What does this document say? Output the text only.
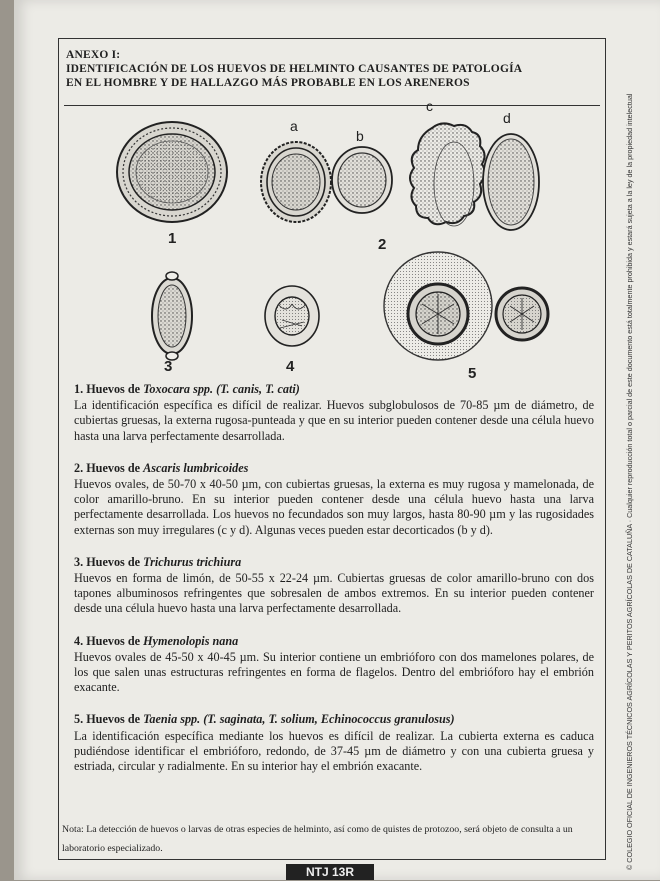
ANEXO I:
IDENTIFICACIÓN DE LOS HUEVOS DE HELMINTO CAUSANTES DE PATOLOGÍA
EN EL HOMBRE Y DE HALLAZGO MÁS PROBABLE EN LOS ARENEROS
a
b
c
d
1	2
3	4	5
1. Huevos de Toxocara spp. (T. canis, T. cati)
La identificación específica es difícil de realizar. Huevos subglobulosos de 70-85 µm de diámetro, de cubiertas gruesas, la externa rugosa-punteada y que en su interior pueden contener desde una célula huevo hasta una larva perfectamente desarrollada.
2. Huevos de Ascaris lumbricoides
Huevos ovales, de 50-70 x 40-50 µm, con cubiertas gruesas, la externa es muy rugosa y mamelonada, de color amarillo-bruno. En su interior pueden contener desde una célula huevo hasta una larva perfectamente desarrollada. Los huevos no fecundados son muy largos, hasta 80-90 µm y las rugosidades externas son muy irregulares (c y d). Algunas veces pueden estar decorticados (b y d).
3. Huevos de Trichurus trichiura
Huevos en forma de limón, de 50-55 x 22-24 µm. Cubiertas gruesas de color amarillo-bruno con dos tapones albuminosos refringentes que sobresalen de ambos extremos. En su interior pueden contener desde una célula huevo hasta una larva perfectamente desarrollada.
4. Huevos de Hymenolopis nana
Huevos ovales de 45-50 x 40-45 µm. Su interior contiene un embrióforo con dos mamelones polares, de los que salen unas estructuras refringentes en forma de flagelos. Dentro del embrióforo hay el embrión exacante.
5. Huevos de Taenia spp. (T. saginata, T. solium, Echinococcus granulosus)
La identificación específica mediante los huevos es difícil de realizar. La cubierta externa es caduca pudiéndose identificar el embrióforo, redondo, de 37-45 µm de diámetro y con una cubierta gruesa y estriada, circular y radialmente. En su interior hay el embrión exacante.
Nota: La detección de huevos o larvas de otras especies de helminto, así como de quistes de protozoo, será objeto de consulta a un laboratorio especializado.	© COLEGIO OFICIAL DE INGENIEROS TÉCNICOS AGRÍCOLAS Y PERITOS AGRÍCOLAS DE CATALUÑA · Cualquier reproducción total o parcial de este documento está totalmente prohibida y estará sujeta a la ley de la propiedad intelectual
NTJ 13R
